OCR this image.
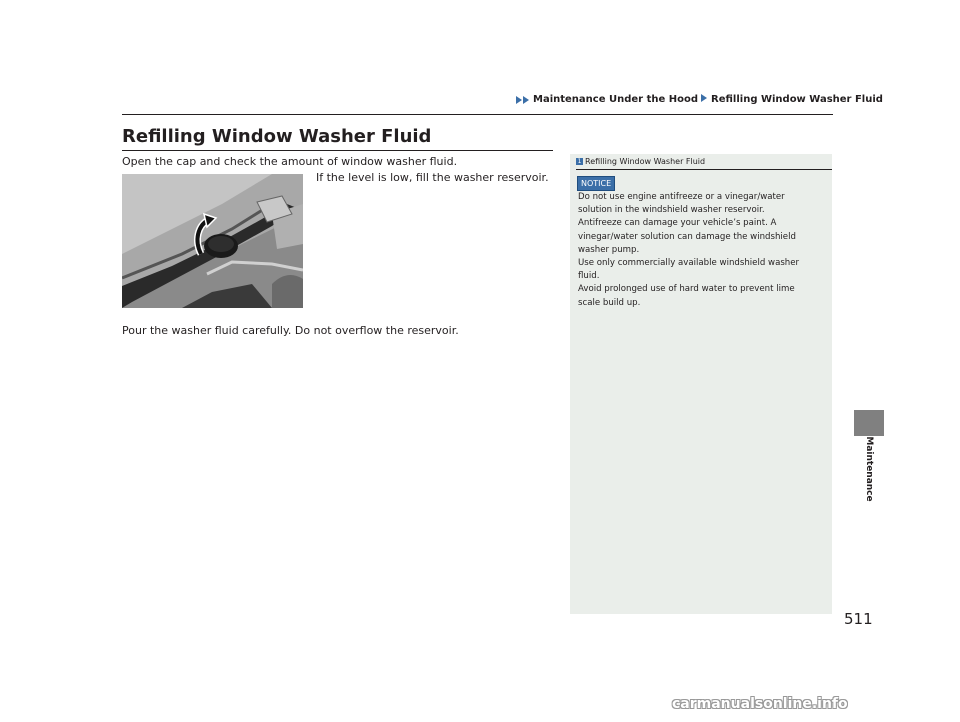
Maintenance Under the Hood Refilling Window Washer Fluid
Refilling Window Washer Fluid
Open the cap and check the amount of window washer fluid.
If the level is low, fill the washer reservoir.
Pour the washer fluid carefully. Do not overflow the reservoir.
1 Refilling Window Washer Fluid
NOTICE
Do not use engine antifreeze or a vinegar/water
solution in the windshield washer reservoir.
Antifreeze can damage your vehicle’s paint. A
vinegar/water solution can damage the windshield
washer pump.
Use only commercially available windshield washer
fluid.
Avoid prolonged use of hard water to prevent lime
scale build up.
Maintenance
511
carmanualsonline.info
